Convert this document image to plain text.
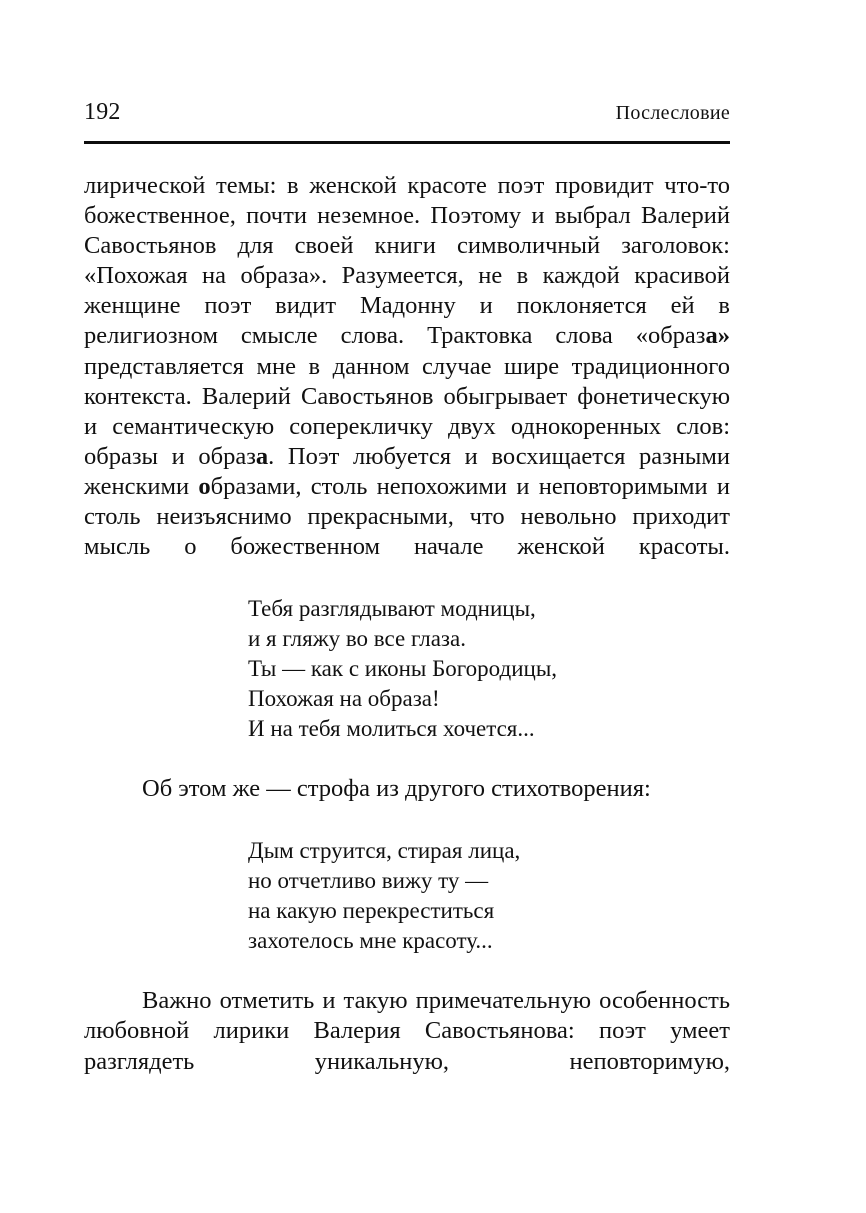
192	Послесловие

лирической темы: в женской красоте поэт провидит что-то божественное, почти неземное. Поэтому и выбрал Валерий Савостьянов для своей книги символичный заголовок: «Похожая на образа». Разумеется, не в каждой красивой женщине поэт видит Мадонну и поклоняется ей в религиозном смысле слова. Трактовка слова «образа» представляется мне в данном случае шире традиционного контекста. Валерий Савостьянов обыгрывает фонетическую и семантическую соперекличку двух однокоренных слов: образы и образа. Поэт любуется и восхищается разными женскими образами, столь непохожими и неповторимыми и столь неизъяснимо прекрасными, что невольно приходит мысль о божественном начале женской красоты.

Тебя разглядывают модницы,
и я гляжу во все глаза.
Ты — как с иконы Богородицы,
Похожая на образа!
И на тебя молиться хочется...

Об этом же — строфа из другого стихотворения:

Дым струится, стирая лица,
но отчетливо вижу ту —
на какую перекреститься
захотелось мне красоту...

Важно отметить и такую примечательную особенность любовной лирики Валерия Савостьянова: поэт умеет разглядеть уникальную, неповторимую,
